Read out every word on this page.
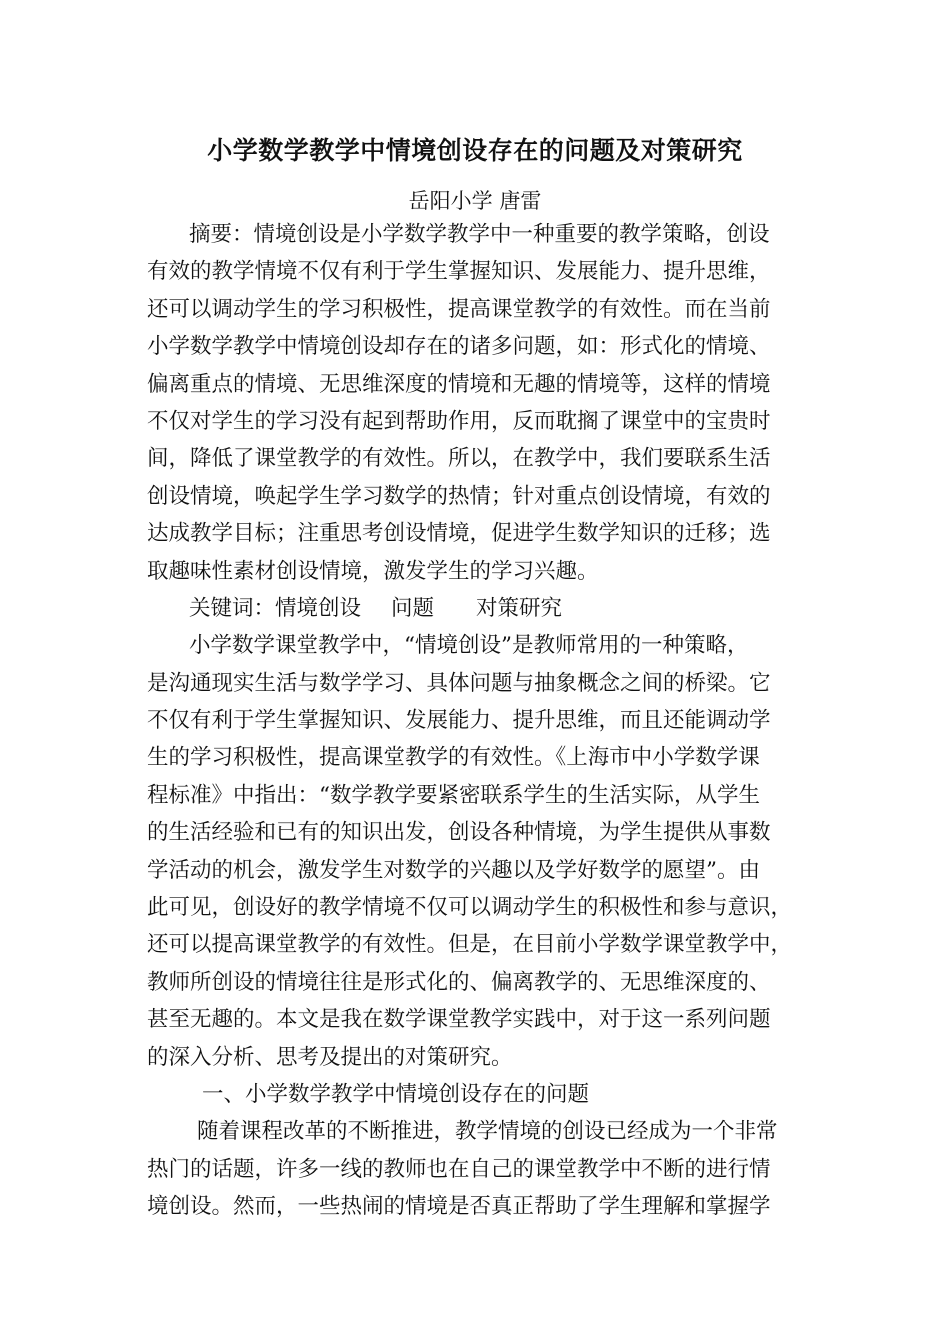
小学数学教学中情境创设存在的问题及对策研究
岳阳小学 唐雷
摘要：情境创设是小学数学教学中一种重要的教学策略，创设
有效的教学情境不仅有利于学生掌握知识、发展能力、提升思维，
还可以调动学生的学习积极性，提高课堂教学的有效性。而在当前
小学数学教学中情境创设却存在的诸多问题，如：形式化的情境、
偏离重点的情境、无思维深度的情境和无趣的情境等，这样的情境
不仅对学生的学习没有起到帮助作用，反而耽搁了课堂中的宝贵时
间，降低了课堂教学的有效性。所以，在教学中，我们要联系生活
创设情境，唤起学生学习数学的热情；针对重点创设情境，有效的
达成教学目标；注重思考创设情境，促进学生数学知识的迁移；选
取趣味性素材创设情境，激发学生的学习兴趣。
关键词：情境创设 问题 对策研究
小学数学课堂教学中，“情境创设”是教师常用的一种策略，
是沟通现实生活与数学学习、具体问题与抽象概念之间的桥梁。它
不仅有利于学生掌握知识、发展能力、提升思维，而且还能调动学
生的学习积极性，提高课堂教学的有效性。《上海市中小学数学课
程标准》中指出：“数学教学要紧密联系学生的生活实际，从学生
的生活经验和已有的知识出发，创设各种情境，为学生提供从事数
学活动的机会，激发学生对数学的兴趣以及学好数学的愿望”。由
此可见，创设好的教学情境不仅可以调动学生的积极性和参与意识，
还可以提高课堂教学的有效性。但是，在目前小学数学课堂教学中，
教师所创设的情境往往是形式化的、偏离教学的、无思维深度的、
甚至无趣的。本文是我在数学课堂教学实践中，对于这一系列问题
的深入分析、思考及提出的对策研究。
一、小学数学教学中情境创设存在的问题
随着课程改革的不断推进，教学情境的创设已经成为一个非常
热门的话题，许多一线的教师也在自己的课堂教学中不断的进行情
境创设。然而，一些热闹的情境是否真正帮助了学生理解和掌握学
